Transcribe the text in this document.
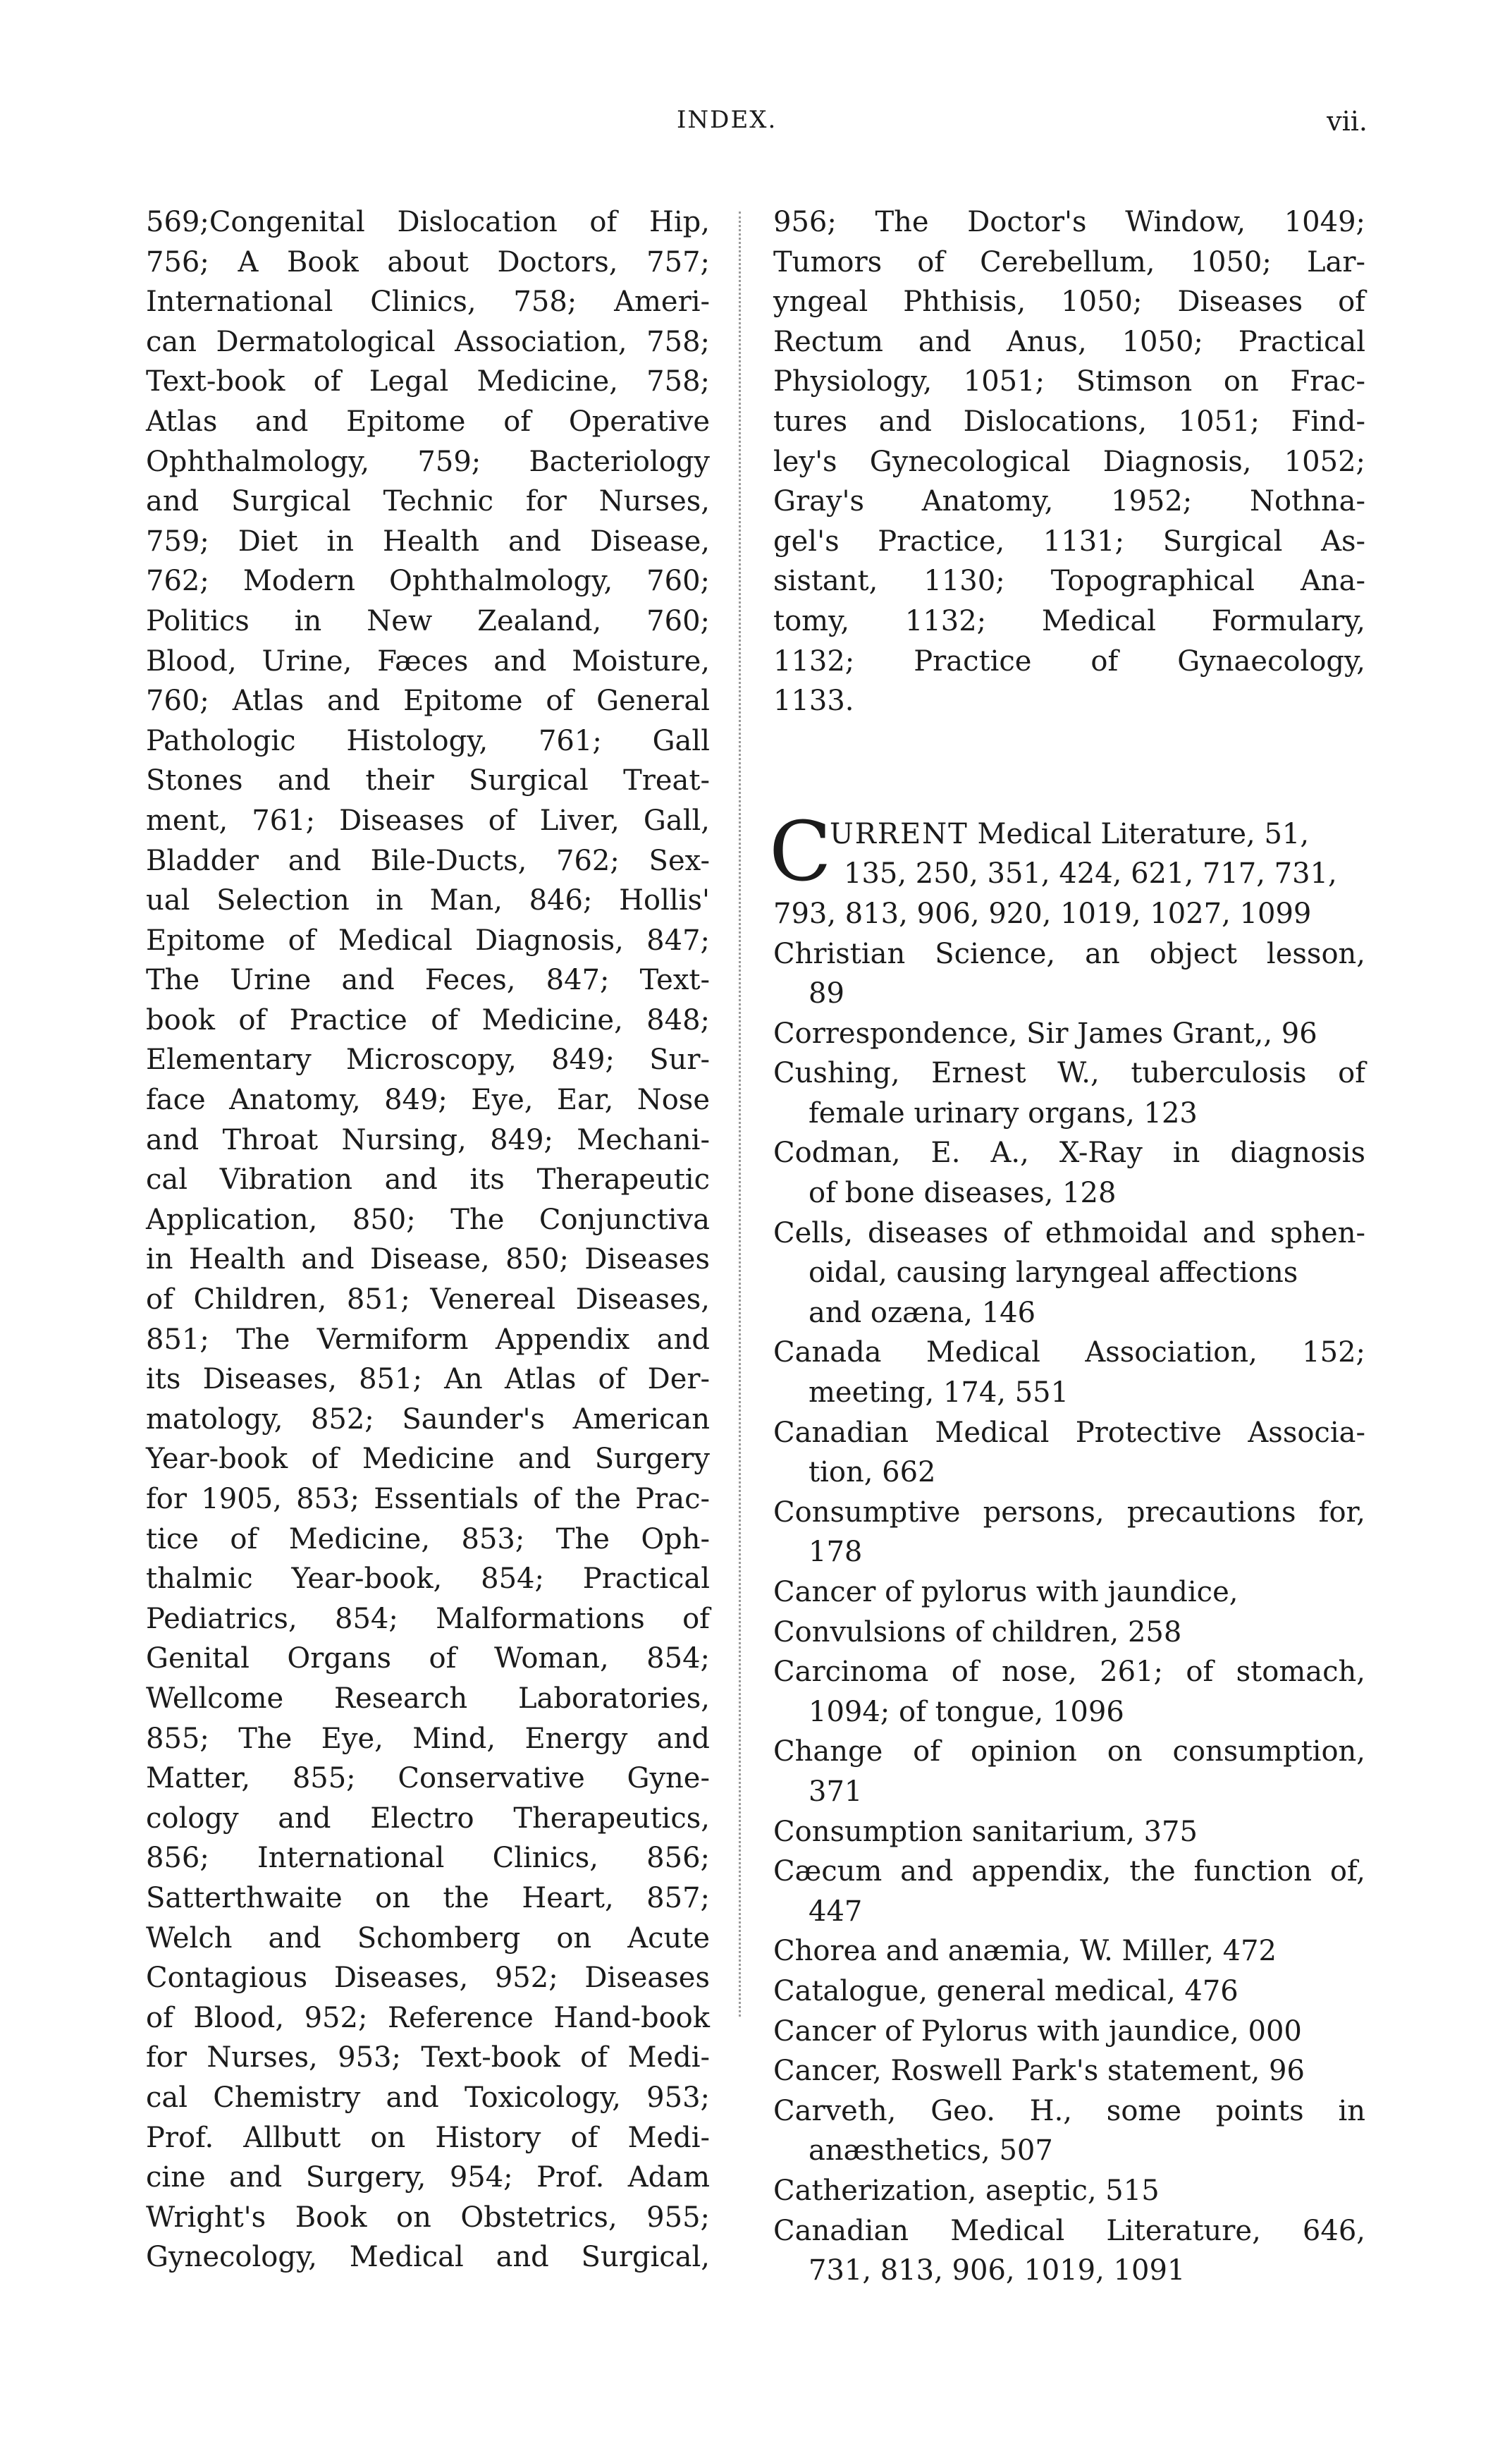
INDEX.	vii.
569;Congenital Dislocation of Hip,
756; A Book about Doctors, 757;
International Clinics, 758; Ameri-
can Dermatological Association, 758;
Text-book of Legal Medicine, 758;
Atlas and Epitome of Operative
Ophthalmology, 759; Bacteriology
and Surgical Technic for Nurses,
759; Diet in Health and Disease,
762; Modern Ophthalmology, 760;
Politics in New Zealand, 760;
Blood, Urine, Fæces and Moisture,
760; Atlas and Epitome of General
Pathologic Histology, 761; Gall
Stones and their Surgical Treat-
ment, 761; Diseases of Liver, Gall,
Bladder and Bile-Ducts, 762; Sex-
ual Selection in Man, 846; Hollis'
Epitome of Medical Diagnosis, 847;
The Urine and Feces, 847; Text-
book of Practice of Medicine, 848;
Elementary Microscopy, 849; Sur-
face Anatomy, 849; Eye, Ear, Nose
and Throat Nursing, 849; Mechani-
cal Vibration and its Therapeutic
Application, 850; The Conjunctiva
in Health and Disease, 850; Diseases
of Children, 851; Venereal Diseases,
851; The Vermiform Appendix and
its Diseases, 851; An Atlas of Der-
matology, 852; Saunder's American
Year-book of Medicine and Surgery
for 1905, 853; Essentials of the Prac-
tice of Medicine, 853; The Oph-
thalmic Year-book, 854; Practical
Pediatrics, 854; Malformations of
Genital Organs of Woman, 854;
Wellcome Research Laboratories,
855; The Eye, Mind, Energy and
Matter, 855; Conservative Gyne-
cology and Electro Therapeutics,
856; International Clinics, 856;
Satterthwaite on the Heart, 857;
Welch and Schomberg on Acute
Contagious Diseases, 952; Diseases
of Blood, 952; Reference Hand-book
for Nurses, 953; Text-book of Medi-
cal Chemistry and Toxicology, 953;
Prof. Allbutt on History of Medi-
cine and Surgery, 954; Prof. Adam
Wright's Book on Obstetrics, 955;
Gynecology, Medical and Surgical,
956; The Doctor's Window, 1049;
Tumors of Cerebellum, 1050; Lar-
yngeal Phthisis, 1050; Diseases of
Rectum and Anus, 1050; Practical
Physiology, 1051; Stimson on Frac-
tures and Dislocations, 1051; Find-
ley's Gynecological Diagnosis, 1052;
Gray's Anatomy, 1952; Nothna-
gel's Practice, 1131; Surgical As-
sistant, 1130; Topographical Ana-
tomy, 1132; Medical Formulary,
1132; Practice of Gynaecology,
1133.
C
URRENT Medical Literature, 51,
135, 250, 351, 424, 621, 717, 731,
793, 813, 906, 920, 1019, 1027, 1099
Christian Science, an object lesson,
89
Correspondence, Sir James Grant,, 96
Cushing, Ernest W., tuberculosis of
female urinary organs, 123
Codman, E. A., X-Ray in diagnosis
of bone diseases, 128
Cells, diseases of ethmoidal and sphen-
oidal, causing laryngeal affections
and ozæna, 146
Canada Medical Association, 152;
meeting, 174, 551
Canadian Medical Protective Associa-
tion, 662
Consumptive persons, precautions for,
178
Cancer of pylorus with jaundice,
Convulsions of children, 258
Carcinoma of nose, 261; of stomach,
1094; of tongue, 1096
Change of opinion on consumption,
371
Consumption sanitarium, 375
Cæcum and appendix, the function of,
447
Chorea and anæmia, W. Miller, 472
Catalogue, general medical, 476
Cancer of Pylorus with jaundice, 000
Cancer, Roswell Park's statement, 96
Carveth, Geo. H., some points in
anæsthetics, 507
Catherization, aseptic, 515
Canadian Medical Literature, 646,
731, 813, 906, 1019, 1091
